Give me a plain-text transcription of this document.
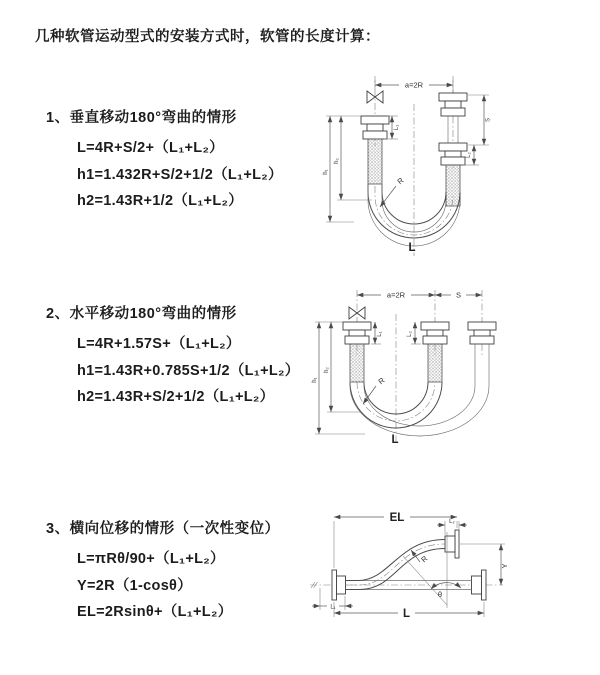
几种软管运动型式的安装方式时，软管的长度计算：
1、垂直移动180°弯曲的情形
L=4R+S/2+（L₁+L₂）
h1=1.432R+S/2+1/2（L₁+L₂）
h2=1.43R+1/2（L₁+L₂）
2、水平移动180°弯曲的情形
L=4R+1.57S+（L₁+L₂）
h1=1.43R+0.785S+1/2（L₁+L₂）
h2=1.43R+S/2+1/2（L₁+L₂）
3、横向位移的情形（一次性变位）
L=πRθ/90+（L₁+L₂）
Y=2R（1-cosθ）
EL=2Rsinθ+（L₁+L₂）
a=2R
h₁
h₂
L₁
S
L₂
R
L
a=2R	S
h₁
h₂
L₁	L₂
R
L
EL	L₂
Y
L
L₁
θ
R
